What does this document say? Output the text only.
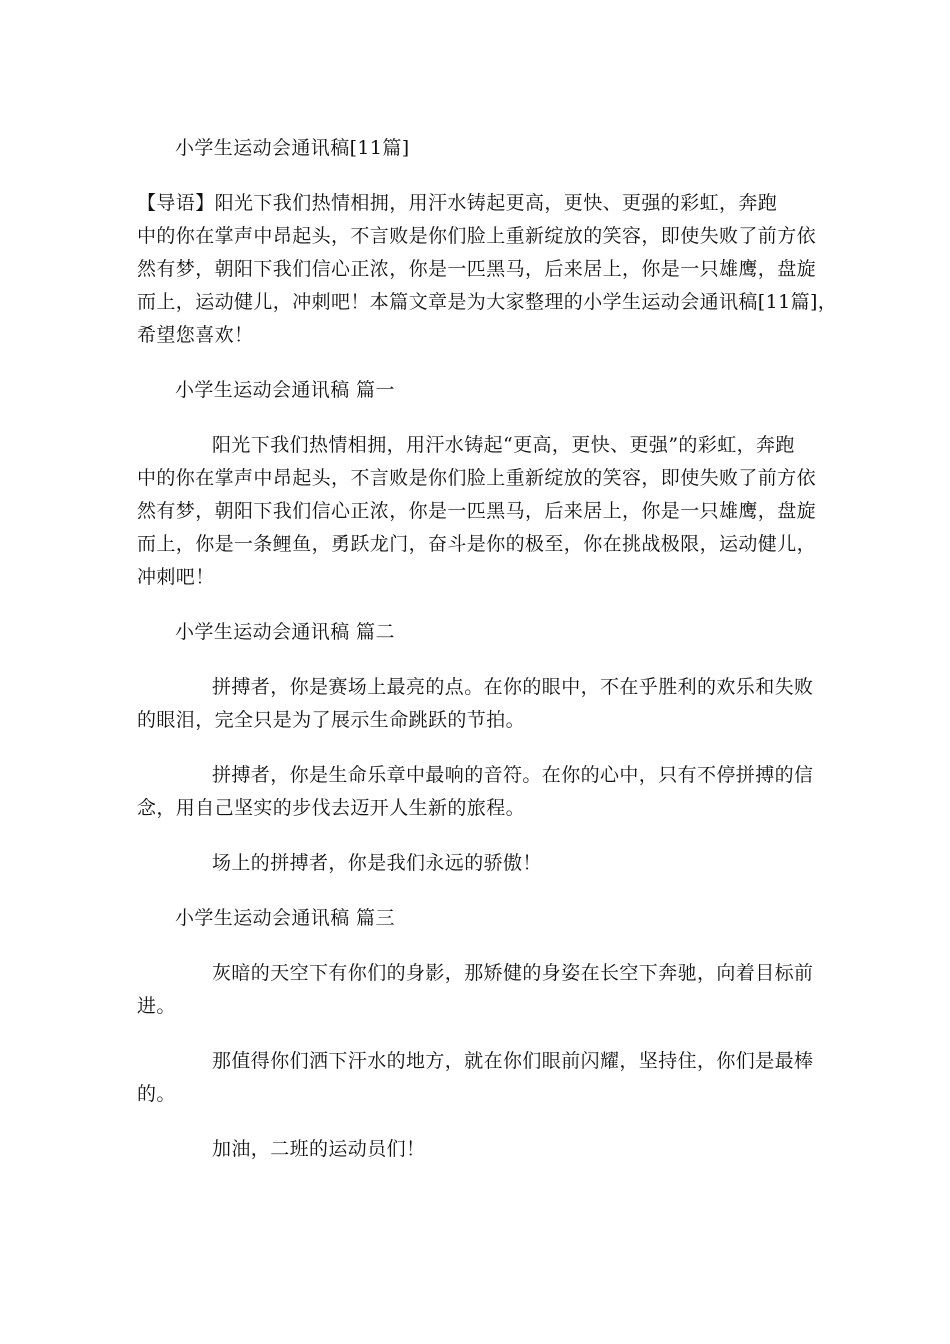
小学生运动会通讯稿[11篇]
【导语】阳光下我们热情相拥，用汗水铸起更高，更快、更强的彩虹，奔跑
中的你在掌声中昂起头，不言败是你们脸上重新绽放的笑容，即使失败了前方依
然有梦，朝阳下我们信心正浓，你是一匹黑马，后来居上，你是一只雄鹰，盘旋
而上，运动健儿，冲刺吧！本篇文章是为大家整理的小学生运动会通讯稿[11篇]，
希望您喜欢！
小学生运动会通讯稿 篇一
阳光下我们热情相拥，用汗水铸起“更高，更快、更强”的彩虹，奔跑
中的你在掌声中昂起头，不言败是你们脸上重新绽放的笑容，即使失败了前方依
然有梦，朝阳下我们信心正浓，你是一匹黑马，后来居上，你是一只雄鹰，盘旋
而上，你是一条鲤鱼，勇跃龙门，奋斗是你的极至，你在挑战极限，运动健儿，
冲刺吧！
小学生运动会通讯稿 篇二
拼搏者，你是赛场上最亮的点。在你的眼中，不在乎胜利的欢乐和失败
的眼泪，完全只是为了展示生命跳跃的节拍。
拼搏者，你是生命乐章中最响的音符。在你的心中，只有不停拼搏的信
念，用自己坚实的步伐去迈开人生新的旅程。
场上的拼搏者，你是我们永远的骄傲！
小学生运动会通讯稿 篇三
灰暗的天空下有你们的身影，那矫健的身姿在长空下奔驰，向着目标前
进。
那值得你们洒下汗水的地方，就在你们眼前闪耀，坚持住，你们是最棒
的。
加油，二班的运动员们！
